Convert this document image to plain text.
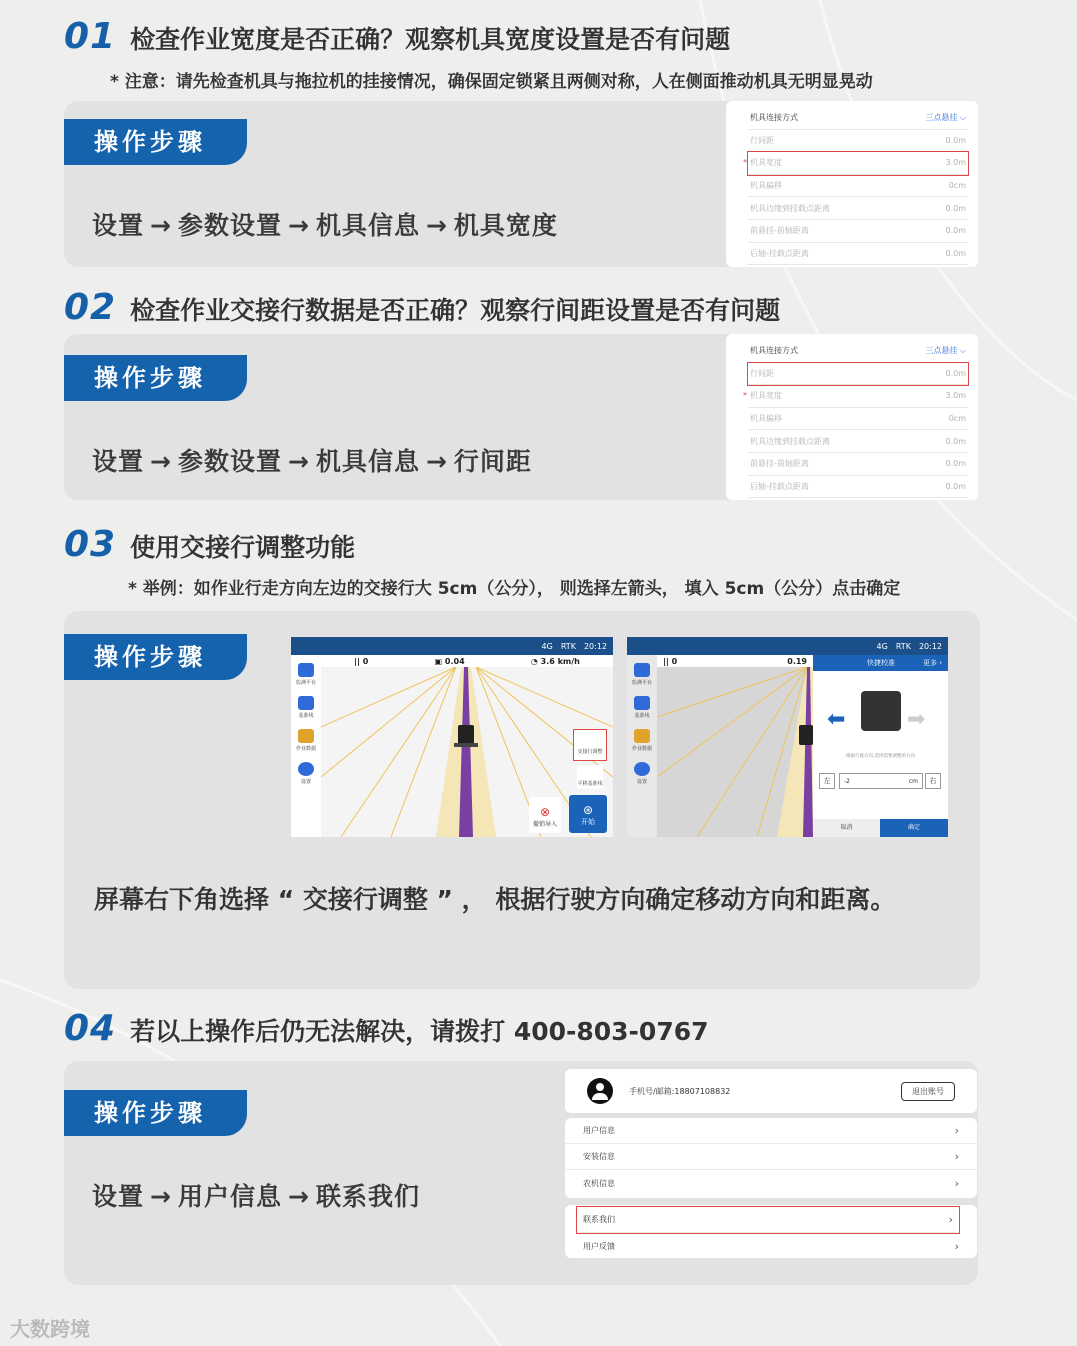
01 检查作业宽度是否正确？观察机具宽度设置是否有问题
* 注意：请先检查机具与拖拉机的挂接情况，确保固定锁紧且两侧对称，人在侧面推动机具无明显晃动
操作步骤
设置 → 参数设置 → 机具信息 → 机具宽度
机具连接方式	三点悬挂 ⌵
行间距	0.0m
* 机具宽度	3.0m
机具偏移	0cm
机具边缘到挂载点距离	0.0m
前悬挂-前轴距离	0.0m
后轴-挂载点距离	0.0m
02 检查作业交接行数据是否正确？观察行间距设置是否有问题
操作步骤
设置 → 参数设置 → 机具信息 → 行间距
机具连接方式	三点悬挂 ⌵
行间距	0.0m
* 机具宽度	3.0m
机具偏移	0cm
机具边缘到挂载点距离	0.0m
前悬挂-前轴距离	0.0m
后轴-挂载点距离	0.0m
03 使用交接行调整功能
* 举例：如作业行走方向左边的交接行大 5cm（公分）， 则选择左箭头， 填入 5cm（公分）点击确定
操作步骤	4G RTK 20:12
|| 0	▣ 0.04	◔ 3.6 km/h
监测平台
基准线
作业数据
设置
交接行调整
平移基准线
⊗
撤销导入
⊛
开始
4G RTK 20:12
|| 0	0.19
监测平台
基准线
作业数据
设置
快捷校准	更多 ›
⬅	➡
根据行驶方向,选择需要调整的方向
左	-2	cm	右
取消	确定
屏幕右下角选择 “ 交接行调整 ” ， 根据行驶方向确定移动方向和距离。
04 若以上操作后仍无法解决，请拨打 400-803-0767
操作步骤
设置 → 用户信息 → 联系我们
手机号/邮箱:18807108832	退出账号
用户信息	›
安装信息	›
农机信息	›
联系我们	›
用户反馈	›
大数跨境
